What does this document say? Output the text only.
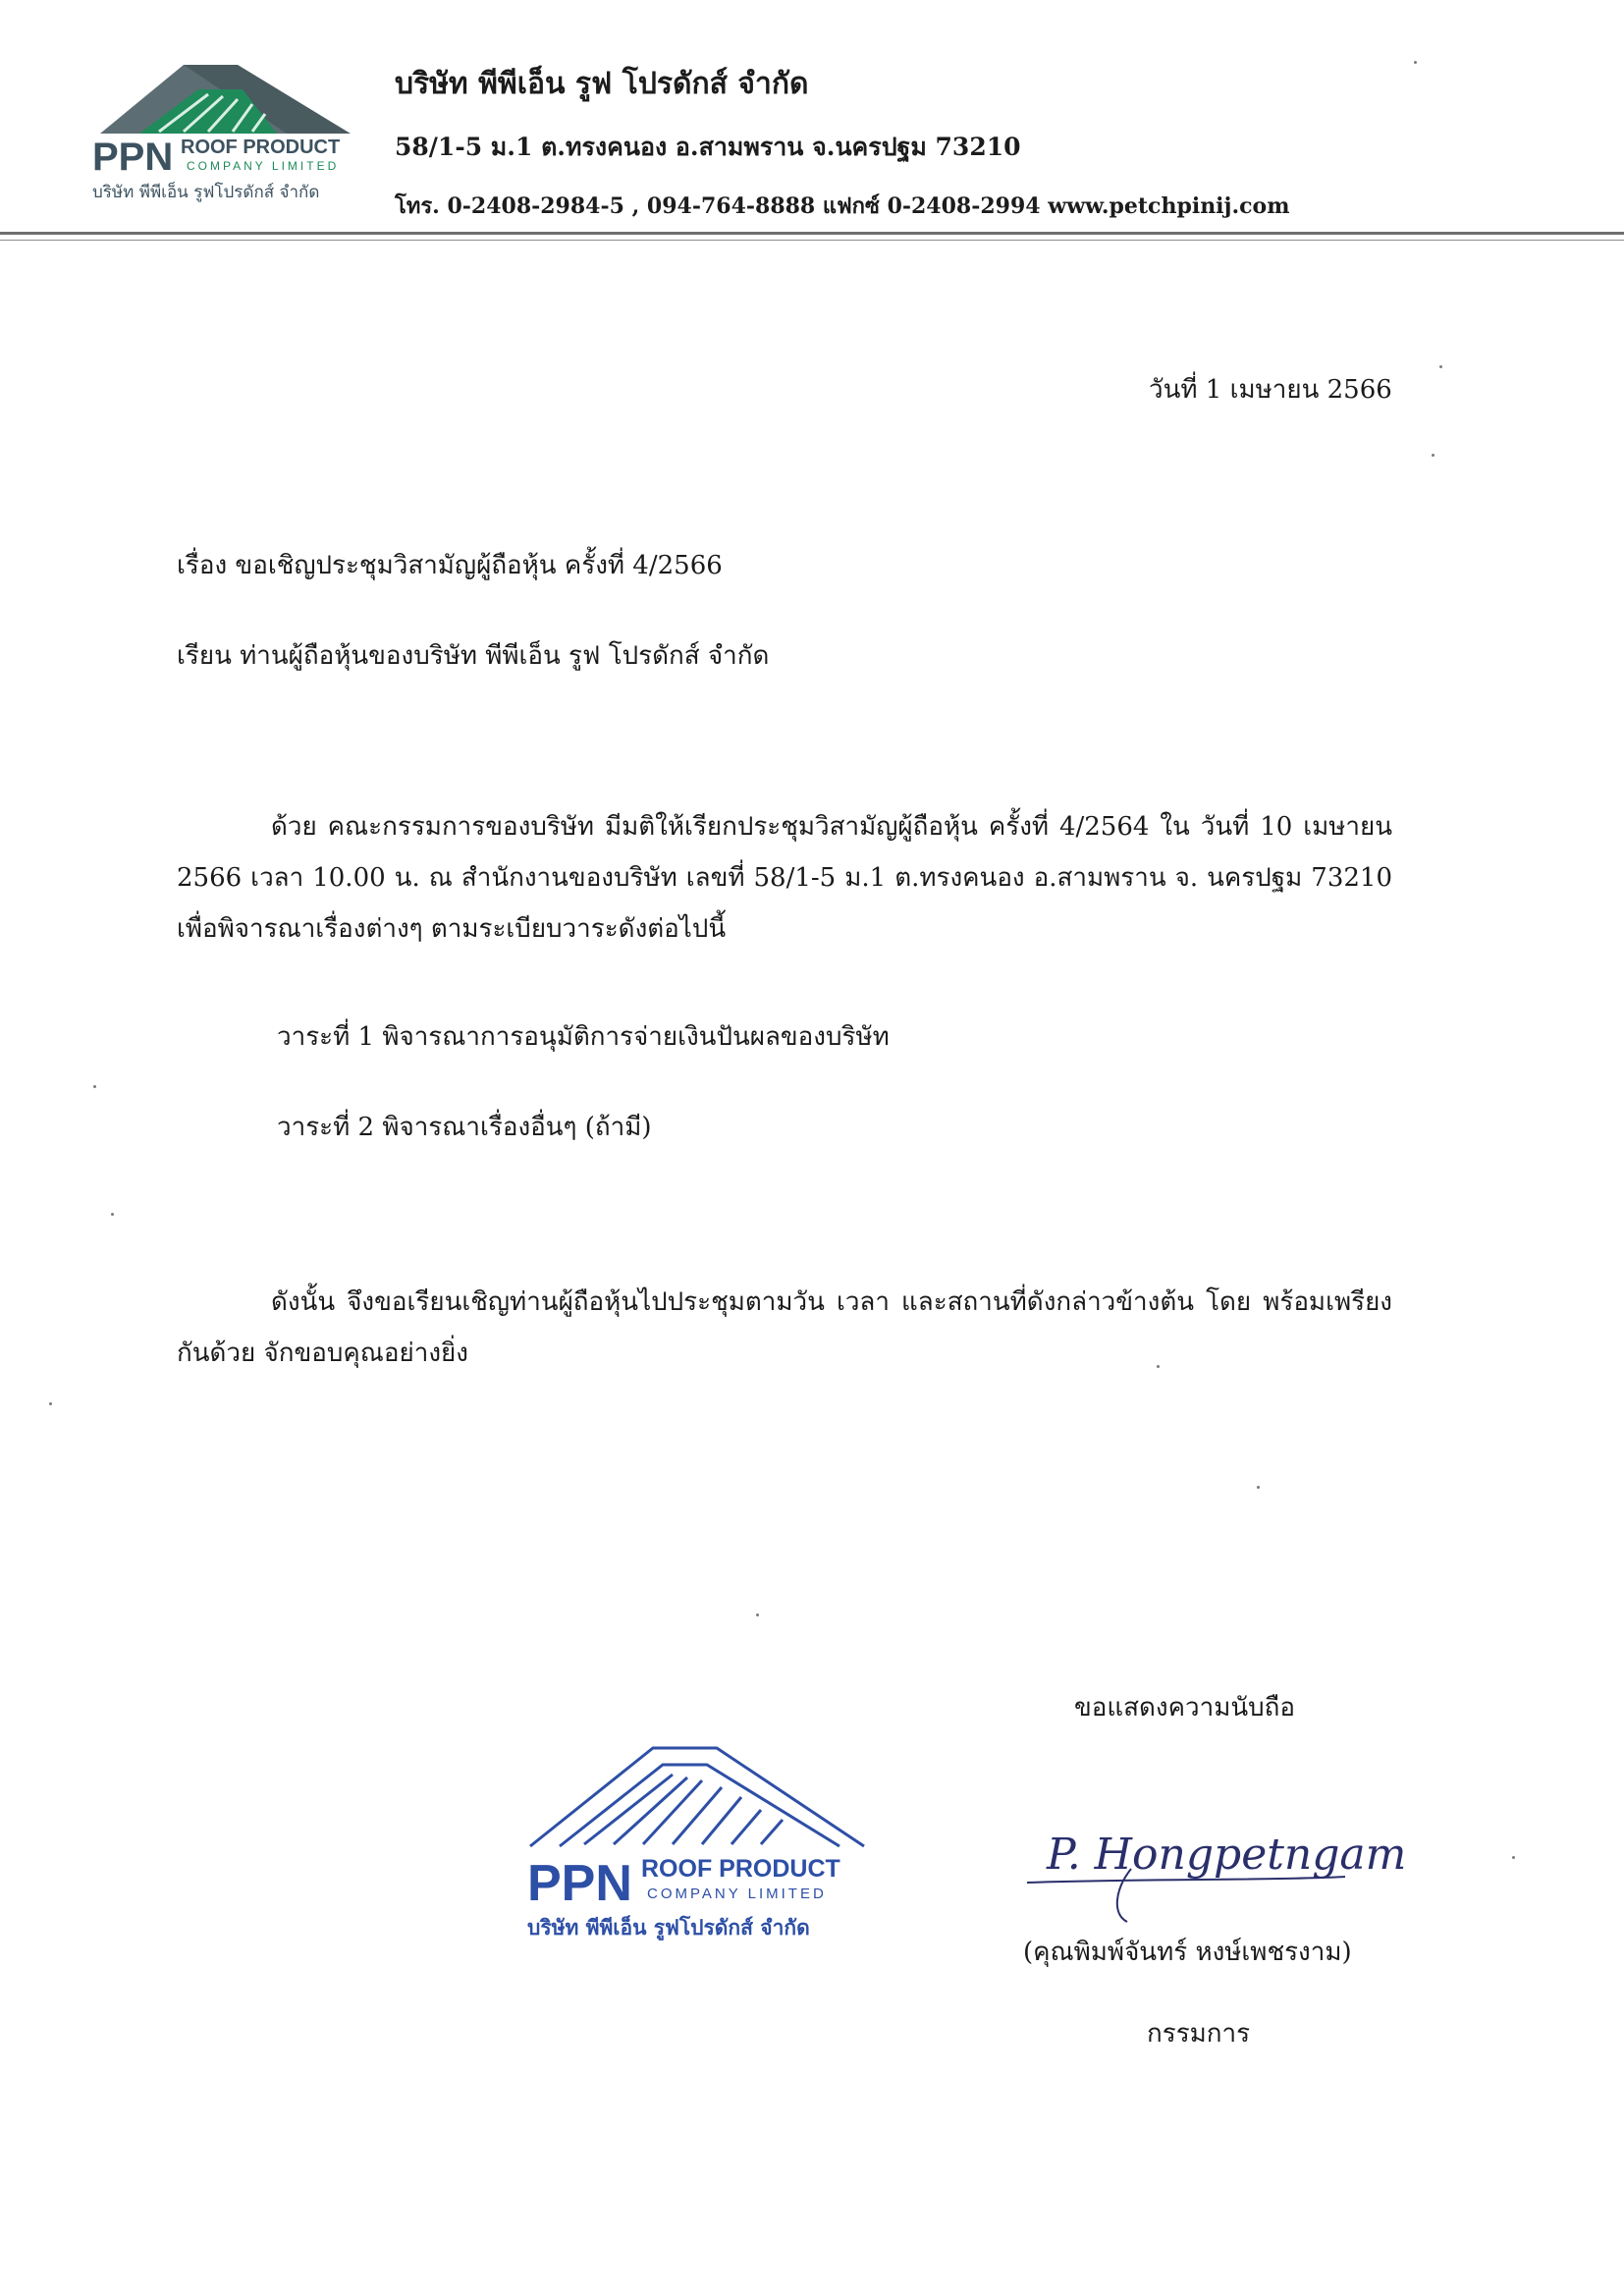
PPN ROOF PRODUCT
COMPANY LIMITED
บริษัท พีพีเอ็น รูฟโปรดักส์ จำกัด
บริษัท พีพีเอ็น รูฟ โปรดักส์ จำกัด
58/1-5 ม.1 ต.ทรงคนอง อ.สามพราน จ.นครปฐม 73210
โทร. 0-2408-2984-5 , 094-764-8888 แฟกซ์ 0-2408-2994 www.petchpinij.com
วันที่ 1 เมษายน 2566
เรื่อง ขอเชิญประชุมวิสามัญผู้ถือหุ้น ครั้งที่ 4/2566
เรียน ท่านผู้ถือหุ้นของบริษัท พีพีเอ็น รูฟ โปรดักส์ จำกัด
ด้วย คณะกรรมการของบริษัท มีมติให้เรียกประชุมวิสามัญผู้ถือหุ้น ครั้งที่ 4/2564 ใน วันที่ 10 เมษายน 2566 เวลา 10.00 น. ณ สำนักงานของบริษัท เลขที่ 58/1-5 ม.1 ต.ทรงคนอง อ.สามพราน จ. นครปฐม 73210 เพื่อพิจารณาเรื่องต่างๆ ตามระเบียบวาระดังต่อไปนี้
วาระที่ 1 พิจารณาการอนุมัติการจ่ายเงินปันผลของบริษัท
วาระที่ 2 พิจารณาเรื่องอื่นๆ (ถ้ามี)
ดังนั้น จึงขอเรียนเชิญท่านผู้ถือหุ้นไปประชุมตามวัน เวลา และสถานที่ดังกล่าวข้างต้น โดย พร้อมเพรียงกันด้วย จักขอบคุณอย่างยิ่ง
ขอแสดงความนับถือ
P. Hongpetngam
(คุณพิมพ์จันทร์ หงษ์เพชรงาม)
กรรมการ
PPN ROOF PRODUCT
COMPANY LIMITED
บริษัท พีพีเอ็น รูฟโปรดักส์ จำกัด
